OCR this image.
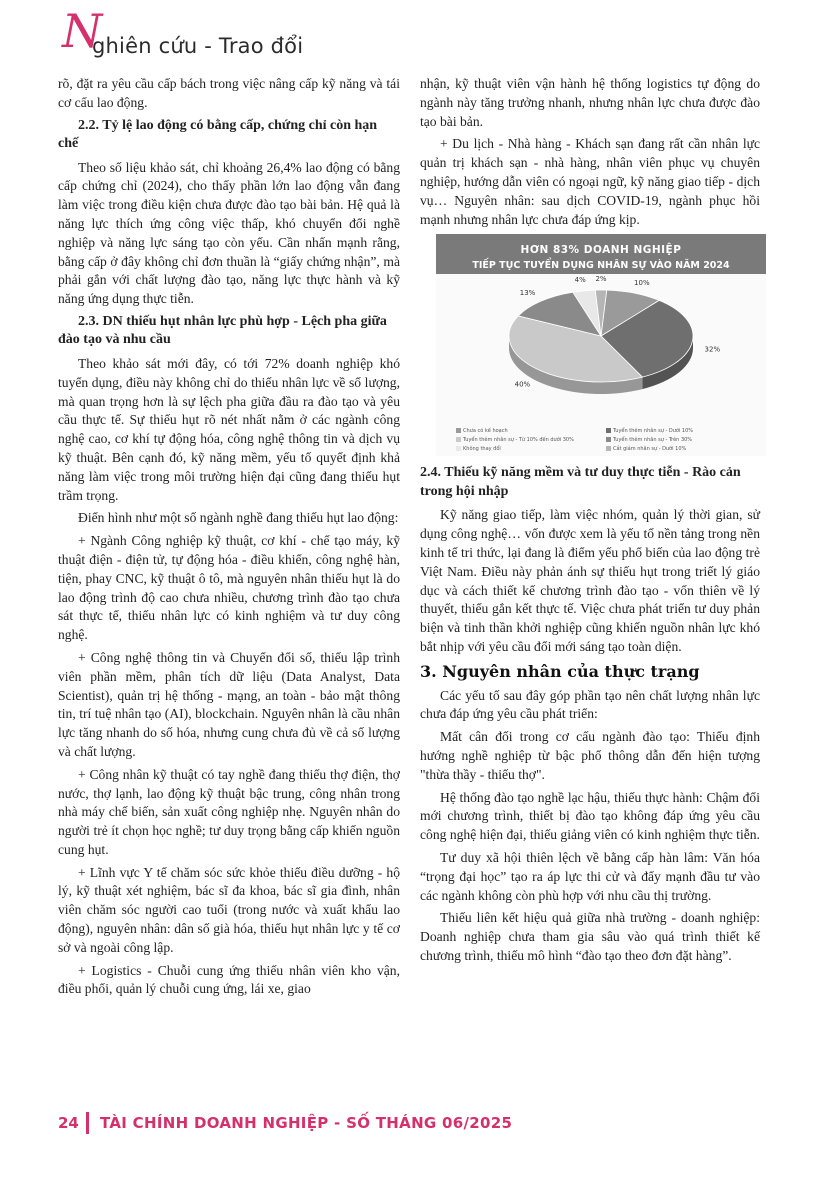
N
ghiên cứu - Trao đổi

rõ, đặt ra yêu cầu cấp bách trong việc nâng cấp kỹ năng và tái cơ cấu lao động.

2.2. Tỷ lệ lao động có bằng cấp, chứng chỉ còn hạn chế

Theo số liệu khảo sát, chỉ khoảng 26,4% lao động có bằng cấp chứng chỉ (2024), cho thấy phần lớn lao động vẫn đang làm việc trong điều kiện chưa được đào tạo bài bản. Hệ quả là năng lực thích ứng công việc thấp, khó chuyển đổi nghề nghiệp và năng lực sáng tạo còn yếu. Cần nhấn mạnh rằng, bằng cấp ở đây không chỉ đơn thuần là “giấy chứng nhận”, mà phải gắn với chất lượng đào tạo, năng lực thực hành và kỹ năng ứng dụng thực tiễn.

2.3. DN thiếu hụt nhân lực phù hợp - Lệch pha giữa đào tạo và nhu cầu

Theo khảo sát mới đây, có tới 72% doanh nghiệp khó tuyển dụng, điều này không chỉ do thiếu nhân lực về số lượng, mà quan trọng hơn là sự lệch pha giữa đầu ra đào tạo và yêu cầu thực tế. Sự thiếu hụt rõ nét nhất nằm ở các ngành công nghệ cao, cơ khí tự động hóa, công nghệ thông tin và dịch vụ kỹ thuật. Bên cạnh đó, kỹ năng mềm, yếu tố quyết định khả năng làm việc trong môi trường hiện đại cũng đang thiếu hụt trầm trọng.

Điển hình như một số ngành nghề đang thiếu hụt lao động:

+ Ngành Công nghiệp kỹ thuật, cơ khí - chế tạo máy, kỹ thuật điện - điện tử, tự động hóa - điều khiển, công nghệ hàn, tiện, phay CNC, kỹ thuật ô tô, mà nguyên nhân thiếu hụt là do lao động trình độ cao chưa nhiều, chương trình đào tạo chưa sát thực tế, thiếu nhân lực có kinh nghiệm và tư duy công nghệ.

+ Công nghệ thông tin và Chuyển đổi số, thiếu lập trình viên phần mềm, phân tích dữ liệu (Data Analyst, Data Scientist), quản trị hệ thống - mạng, an toàn - bảo mật thông tin, trí tuệ nhân tạo (AI), blockchain. Nguyên nhân là cầu nhân lực tăng nhanh do số hóa, nhưng cung chưa đủ về cả số lượng và chất lượng.

+ Công nhân kỹ thuật có tay nghề đang thiếu thợ điện, thợ nước, thợ lạnh, lao động kỹ thuật bậc trung, công nhân trong nhà máy chế biến, sản xuất công nghiệp nhẹ. Nguyên nhân do người trẻ ít chọn học nghề; tư duy trọng bằng cấp khiến nguồn cung hụt.

+ Lĩnh vực Y tế chăm sóc sức khỏe thiếu điều dưỡng - hộ lý, kỹ thuật xét nghiệm, bác sĩ đa khoa, bác sĩ gia đình, nhân viên chăm sóc người cao tuổi (trong nước và xuất khẩu lao động), nguyên nhân: dân số già hóa, thiếu hụt nhân lực y tế cơ sở và ngoài công lập.

+ Logistics - Chuỗi cung ứng thiếu nhân viên kho vận, điều phối, quản lý chuỗi cung ứng, lái xe, giao

nhận, kỹ thuật viên vận hành hệ thống logistics tự động do ngành này tăng trưởng nhanh, nhưng nhân lực chưa được đào tạo bài bản.

+ Du lịch - Nhà hàng - Khách sạn đang rất cần nhân lực quản trị khách sạn - nhà hàng, nhân viên phục vụ chuyên nghiệp, hướng dẫn viên có ngoại ngữ, kỹ năng giao tiếp - dịch vụ… Nguyên nhân: sau dịch COVID-19, ngành phục hồi mạnh nhưng nhân lực chưa đáp ứng kịp.

HƠN 83% DOANH NGHIỆP
TIẾP TỤC TUYỂN DỤNG NHÂN SỰ VÀO NĂM 2024
10%
32%
40%
13%
4% 2%
Chưa có kế hoạch	Tuyển thêm nhân sự - Dưới 10%
Tuyển thêm nhân sự - Từ 10% đến dưới 30%	Tuyển thêm nhân sự - Trên 30%
Không thay đổi	Cắt giảm nhân sự - Dưới 10%
2.4. Thiếu kỹ năng mềm và tư duy thực tiễn - Rào cản trong hội nhập

Kỹ năng giao tiếp, làm việc nhóm, quản lý thời gian, sử dụng công nghệ… vốn được xem là yếu tố nền tảng trong nền kinh tế tri thức, lại đang là điểm yếu phổ biến của lao động trẻ Việt Nam. Điều này phản ánh sự thiếu hụt trong triết lý giáo dục và cách thiết kế chương trình đào tạo - vốn thiên về lý thuyết, thiếu gắn kết thực tế. Việc chưa phát triển tư duy phản biện và tinh thần khởi nghiệp cũng khiến nguồn nhân lực khó bắt nhịp với yêu cầu đổi mới sáng tạo toàn diện.

3. Nguyên nhân của thực trạng

Các yếu tố sau đây góp phần tạo nên chất lượng nhân lực chưa đáp ứng yêu cầu phát triển:

Mất cân đối trong cơ cấu ngành đào tạo: Thiếu định hướng nghề nghiệp từ bậc phổ thông dẫn đến hiện tượng "thừa thầy - thiếu thợ".

Hệ thống đào tạo nghề lạc hậu, thiếu thực hành: Chậm đổi mới chương trình, thiết bị đào tạo không đáp ứng yêu cầu công nghệ hiện đại, thiếu giảng viên có kinh nghiệm thực tiễn.

Tư duy xã hội thiên lệch về bằng cấp hàn lâm: Văn hóa “trọng đại học” tạo ra áp lực thi cử và đẩy mạnh đầu tư vào các ngành không còn phù hợp với nhu cầu thị trường.

Thiếu liên kết hiệu quả giữa nhà trường - doanh nghiệp: Doanh nghiệp chưa tham gia sâu vào quá trình thiết kế chương trình, thiếu mô hình “đào tạo theo đơn đặt hàng”.

24 TÀI CHÍNH DOANH NGHIỆP - SỐ THÁNG 06/2025
